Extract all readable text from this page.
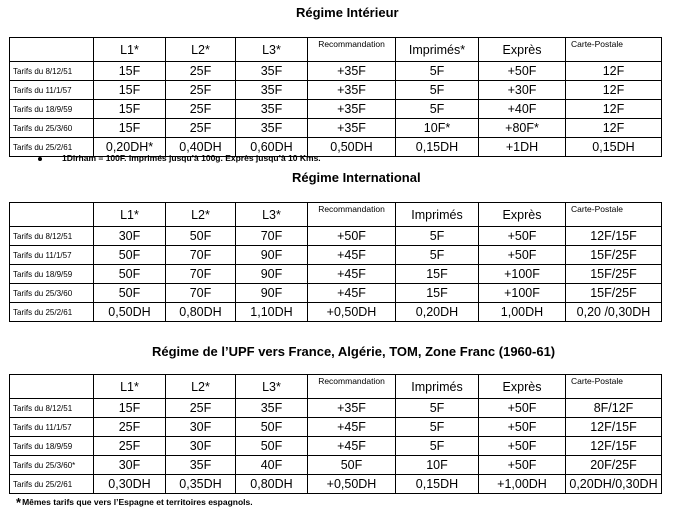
Régime Intérieur
	L1*	L2*	L3*	Recommandation	Imprimés*	Exprès	Carte-Postale
Tarifs du 8/12/51	15F	25F	35F	+35F	5F	+50F	12F
Tarifs du 11/1/57	15F	25F	35F	+35F	5F	+30F	12F
Tarifs du 18/9/59	15F	25F	35F	+35F	5F	+40F	12F
Tarifs du 25/3/60	15F	25F	35F	+35F	10F*	+80F*	12F
Tarifs du 25/2/61	0,20DH*	0,40DH	0,60DH	0,50DH	0,15DH	+1DH	0,15DH
1Dirham = 100F. Imprimés jusqu’à 100g. Exprès jusqu’à 10 Kms.
Régime International
	L1*	L2*	L3*	Recommandation	Imprimés	Exprès	Carte-Postale
Tarifs du 8/12/51	30F	50F	70F	+50F	5F	+50F	12F/15F
Tarifs du 11/1/57	50F	70F	90F	+45F	5F	+50F	15F/25F
Tarifs du 18/9/59	50F	70F	90F	+45F	15F	+100F	15F/25F
Tarifs du 25/3/60	50F	70F	90F	+45F	15F	+100F	15F/25F
Tarifs du 25/2/61	0,50DH	0,80DH	1,10DH	+0,50DH	0,20DH	1,00DH	0,20 /0,30DH
Régime de l’UPF vers France, Algérie, TOM, Zone Franc (1960-61)
	L1*	L2*	L3*	Recommandation	Imprimés	Exprès	Carte-Postale
Tarifs du 8/12/51	15F	25F	35F	+35F	5F	+50F	8F/12F
Tarifs du 11/1/57	25F	30F	50F	+45F	5F	+50F	12F/15F
Tarifs du 18/9/59	25F	30F	50F	+45F	5F	+50F	12F/15F
Tarifs du 25/3/60*	30F	35F	40F	50F	10F	+50F	20F/25F
Tarifs du 25/2/61	0,30DH	0,35DH	0,80DH	+0,50DH	0,15DH	+1,00DH	0,20DH/0,30DH
*Mêmes tarifs que vers l’Espagne et territoires espagnols.
